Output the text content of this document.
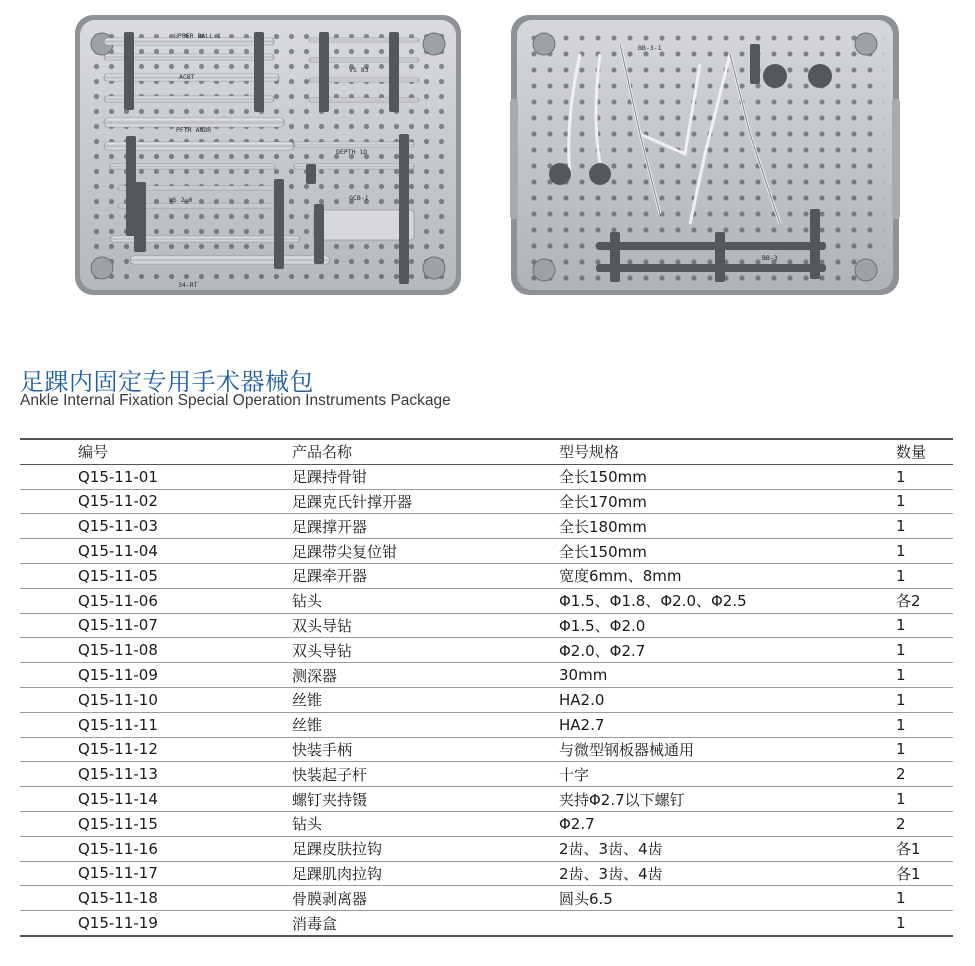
UPPER BALL 1
VS 83
ACBT
PFTR ANDR
VS 2.0
DEPTH 1D
GCB-1
34-RT
BB-3-1
BB-3
足踝内固定专用手术器械包
Ankle Internal Fixation Special Operation Instruments Package
编号	产品名称	型号规格	数量
Q15-11-01	足踝持骨钳	全长150mm	1
Q15-11-02	足踝克氏针撑开器	全长170mm	1
Q15-11-03	足踝撑开器	全长180mm	1
Q15-11-04	足踝带尖复位钳	全长150mm	1
Q15-11-05	足踝牵开器	宽度6mm、8mm	1
Q15-11-06	钻头	Φ1.5、Φ1.8、Φ2.0、Φ2.5	各2
Q15-11-07	双头导钻	Φ1.5、Φ2.0	1
Q15-11-08	双头导钻	Φ2.0、Φ2.7	1
Q15-11-09	测深器	30mm	1
Q15-11-10	丝锥	HA2.0	1
Q15-11-11	丝锥	HA2.7	1
Q15-11-12	快装手柄	与微型钢板器械通用	1
Q15-11-13	快装起子杆	十字	2
Q15-11-14	螺钉夹持镊	夹持Φ2.7以下螺钉	1
Q15-11-15	钻头	Φ2.7	2
Q15-11-16	足踝皮肤拉钩	2齿、3齿、4齿	各1
Q15-11-17	足踝肌肉拉钩	2齿、3齿、4齿	各1
Q15-11-18	骨膜剥离器	圆头6.5	1
Q15-11-19	消毒盒		1
